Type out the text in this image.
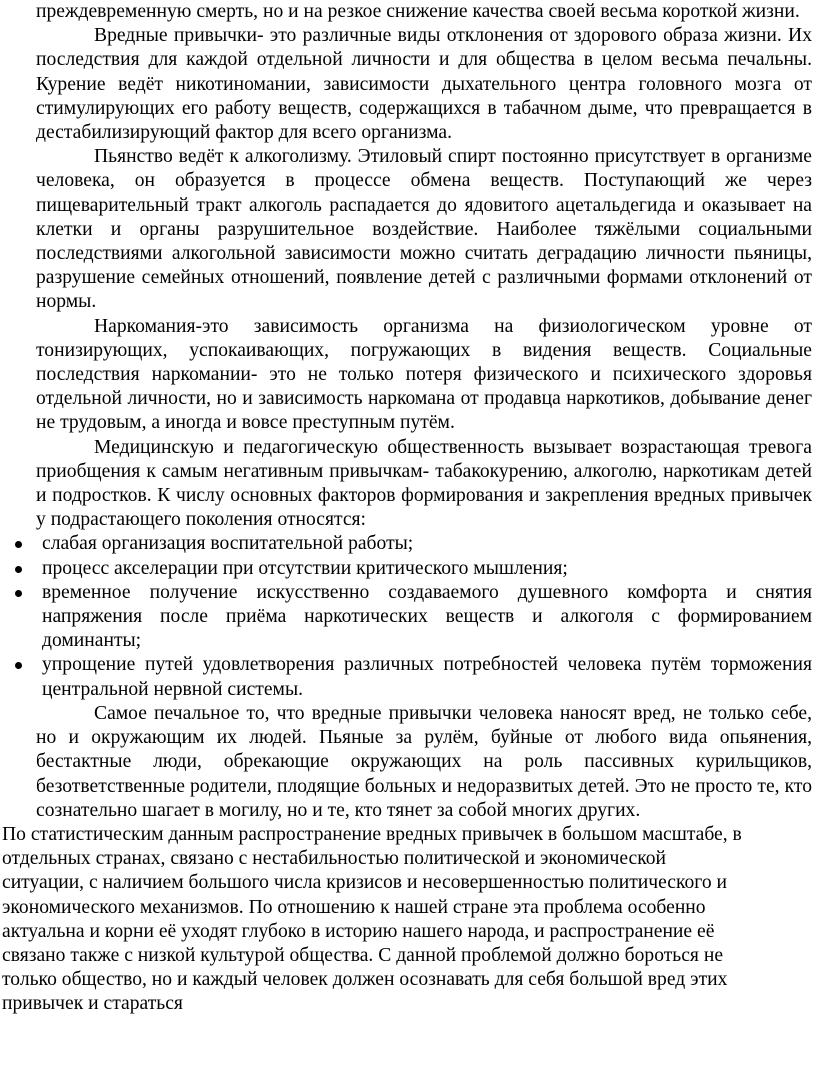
преждевременную смерть, но и на резкое снижение качества своей весьма короткой жизни.

Вредные привычки- это различные виды отклонения от здорового образа жизни. Их последствия для каждой отдельной личности и для общества в целом весьма печальны. Курение ведёт никотиномании, зависимости дыхательного центра головного мозга от стимулирующих его работу веществ, содержащихся в табачном дыме, что превращается в дестабилизирующий фактор для всего организма.

Пьянство ведёт к алкоголизму. Этиловый спирт постоянно присутствует в организме человека, он образуется в процессе обмена веществ. Поступающий же через пищеварительный тракт алкоголь распадается до ядовитого ацетальдегида и оказывает на клетки и органы разрушительное воздействие. Наиболее тяжёлыми социальными последствиями алкогольной зависимости можно считать деградацию личности пьяницы, разрушение семейных отношений, появление детей с различными формами отклонений от нормы.

Наркомания-это зависимость организма на физиологическом уровне от тонизирующих, успокаивающих, погружающих в видения веществ. Социальные последствия наркомании- это не только потеря физического и психического здоровья отдельной личности, но и зависимость наркомана от продавца наркотиков, добывание денег не трудовым, а иногда и вовсе преступным путём.

Медицинскую и педагогическую общественность вызывает возрастающая тревога приобщения к самым негативным привычкам- табакокурению, алкоголю, наркотикам детей и подростков. К числу основных факторов формирования и закрепления вредных привычек у подрастающего поколения относятся:

слабая организация воспитательной работы;
процесс акселерации при отсутствии критического мышления;
временное получение искусственно создаваемого душевного комфорта и снятия напряжения после приёма наркотических веществ и алкоголя с формированием доминанты;
упрощение путей удовлетворения различных потребностей человека путём торможения центральной нервной системы.

Самое печальное то, что вредные привычки человека наносят вред, не только себе, но и окружающим их людей. Пьяные за рулём, буйные от любого вида опьянения, бестактные люди, обрекающие окружающих на роль пассивных курильщиков, безответственные родители, плодящие больных и недоразвитых детей. Это не просто те, кто сознательно шагает в могилу, но и те, кто тянет за собой многих других.

По статистическим данным распространение вредных привычек в большом масштабе, в

отдельных странах, связано с нестабильностью политической и экономической

ситуации, с наличием большого числа кризисов и несовершенностью политического и

экономического механизмов. По отношению к нашей стране эта проблема особенно

актуальна и корни её уходят глубоко в историю нашего народа, и распространение её

связано также с низкой культурой общества. С данной проблемой должно бороться не

только общество, но и каждый человек должен осознавать для себя большой вред этих

привычек и стараться
